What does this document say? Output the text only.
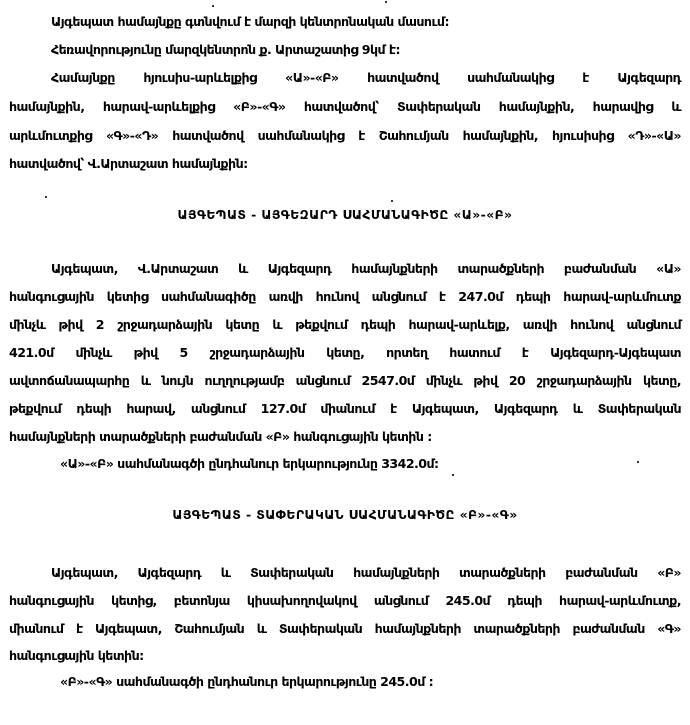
Այգեպատ համայնքը գտնվում է մարզի կենտրոնական մասում:
Հեռավորությունը մարզկենտրոն ք. Արտաշատից 9կմ է:
Համայնքը հյուսիս-արևելքից «Ա»-«Բ» հատվածով սահմանակից է Այգեզարդ
համայնքին, հարավ-արևելքից «Բ»-«Գ» հատվածով՝ Տափերական համայնքին, հարավից և
արևմուտքից «Գ»-«Դ» հատվածով սահմանակից է Շահումյան համայնքին, հյուսիսից «Դ»-«Ա»
հատվածով՝ Վ.Արտաշատ համայնքին:
ԱՅԳԵՊԱՏ - ԱՅԳԵԶԱՐԴ ՍԱՀՄԱՆԱԳԻԾԸ «Ա»-«Բ»
Այգեպատ, Վ.Արտաշատ և Այգեզարդ համայնքների տարածքների բաժանման «Ա»
հանգուցային կետից սահմանագիծը առվի հունով անցնում է 247.0մ դեպի հարավ-արևմուտք
մինչև թիվ 2 շրջադարձային կետը և թեքվում դեպի հարավ-արևելք, առվի հունով անցնում
421.0մ մինչև թիվ 5 շրջադարձային կետը, որտեղ հատում է Այգեզարդ-Այգեպատ
ավտոճանապարհը և նույն ուղղությամբ անցնում 2547.0մ մինչև թիվ 20 շրջադարձային կետը,
թեքվում դեպի հարավ, անցնում 127.0մ միանում է Այգեպատ, Այգեզարդ և Տափերական
համայնքների տարածքների բաժանման «Բ» հանգուցային կետին :
«Ա»-«Բ» սահմանագծի ընդհանուր երկարությունը 3342.0մ:
ԱՅԳԵՊԱՏ - ՏԱՓԵՐԱԿԱՆ ՍԱՀՄԱՆԱԳԻԾԸ «Բ»-«Գ»
Այգեպատ, Այգեզարդ և Տափերական համայնքների տարածքների բաժանման «Բ»
հանգուցային կետից, բետոնյա կիսախողովակով անցնում 245.0մ դեպի հարավ-արևմուտք,
միանում է Այգեպատ, Շահումյան և Տափերական համայնքների տարածքների բաժանման «Գ»
հանգուցային կետին:
«Բ»-«Գ» սահմանագծի ընդհանուր երկարությունը 245.0մ :
